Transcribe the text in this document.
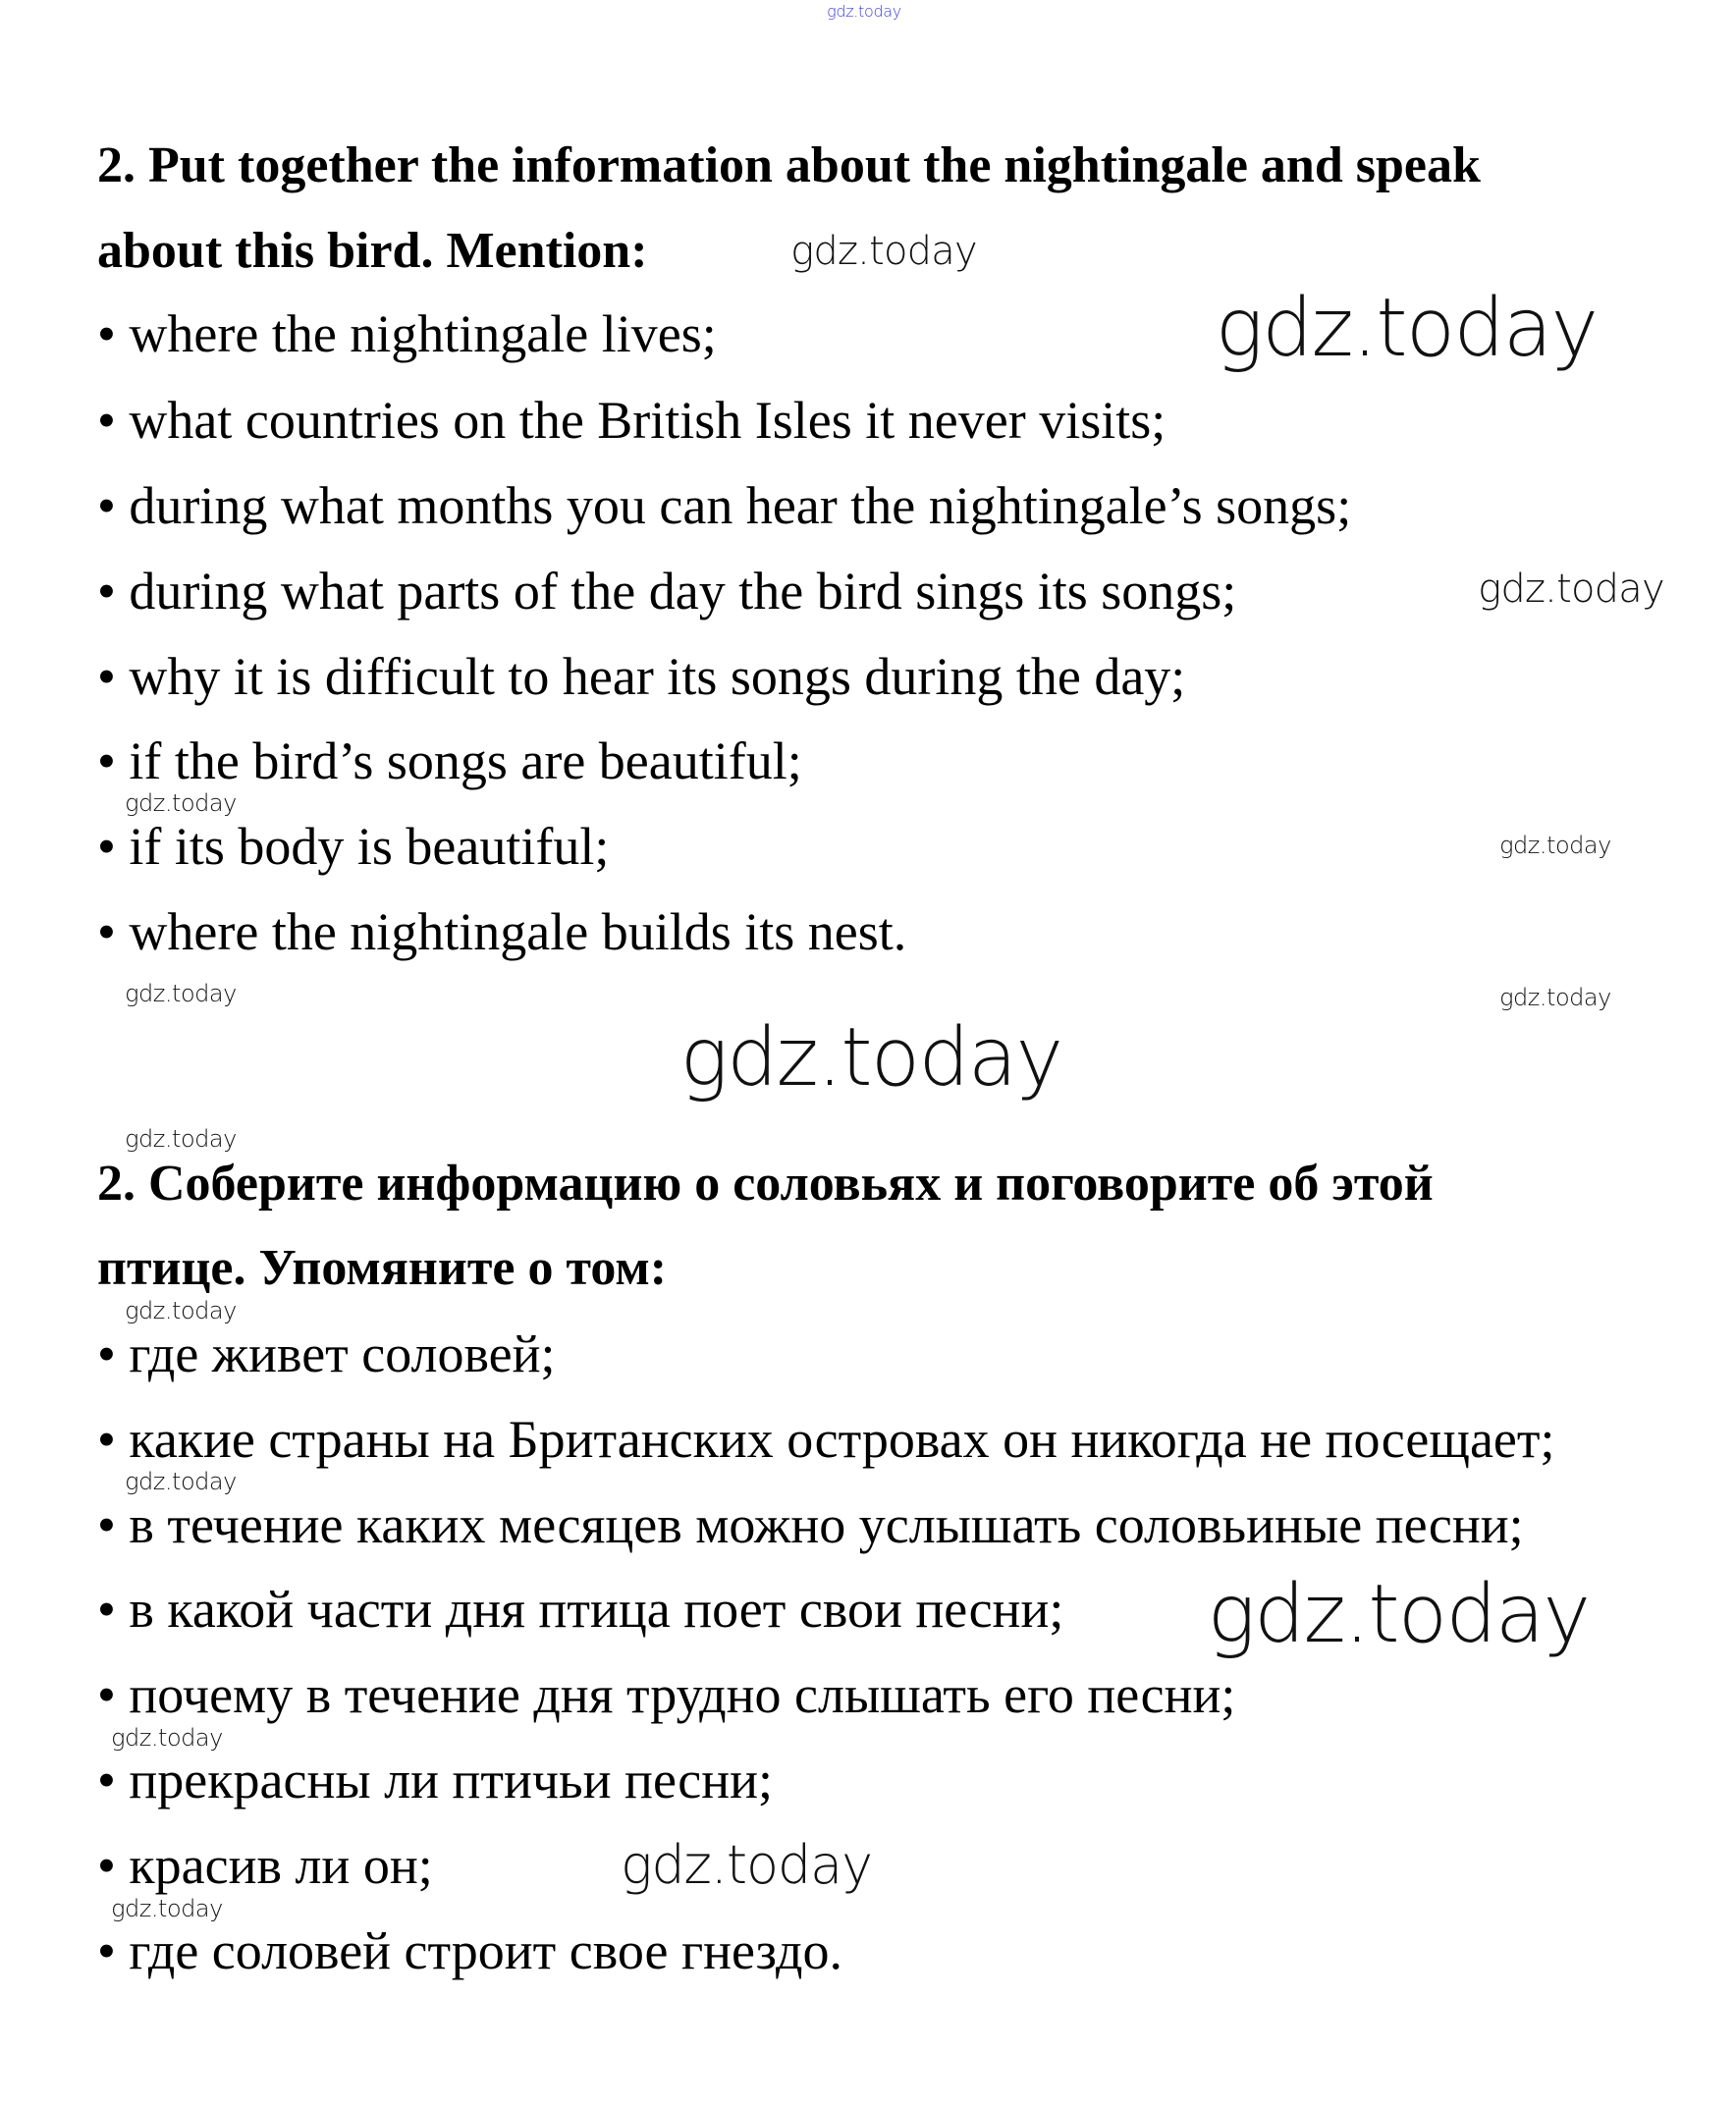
2. Put together the information about the nightingale and speak
about this bird. Mention:
• where the nightingale lives;
• what countries on the British Isles it never visits;
• during what months you can hear the nightingale’s songs;
• during what parts of the day the bird sings its songs;
• why it is difficult to hear its songs during the day;
• if the bird’s songs are beautiful;
• if its body is beautiful;
• where the nightingale builds its nest.
2. Соберите информацию о соловьях и поговорите об этой
птице. Упомяните о том:
• где живет соловей;
• какие страны на Британских островах он никогда не посещает;
• в течение каких месяцев можно услышать соловьиные песни;
• в какой части дня птица поет свои песни;
• почему в течение дня трудно слышать его песни;
• прекрасны ли птичьи песни;
• красив ли он;
• где соловей строит свое гнездо.
gdz.today
gdz.today
gdz.today
gdz.today
gdz.today
gdz.today
gdz.today	gdz.today
gdz.today
gdz.today
gdz.today
gdz.today
gdz.today
gdz.today
gdz.today
gdz.today
